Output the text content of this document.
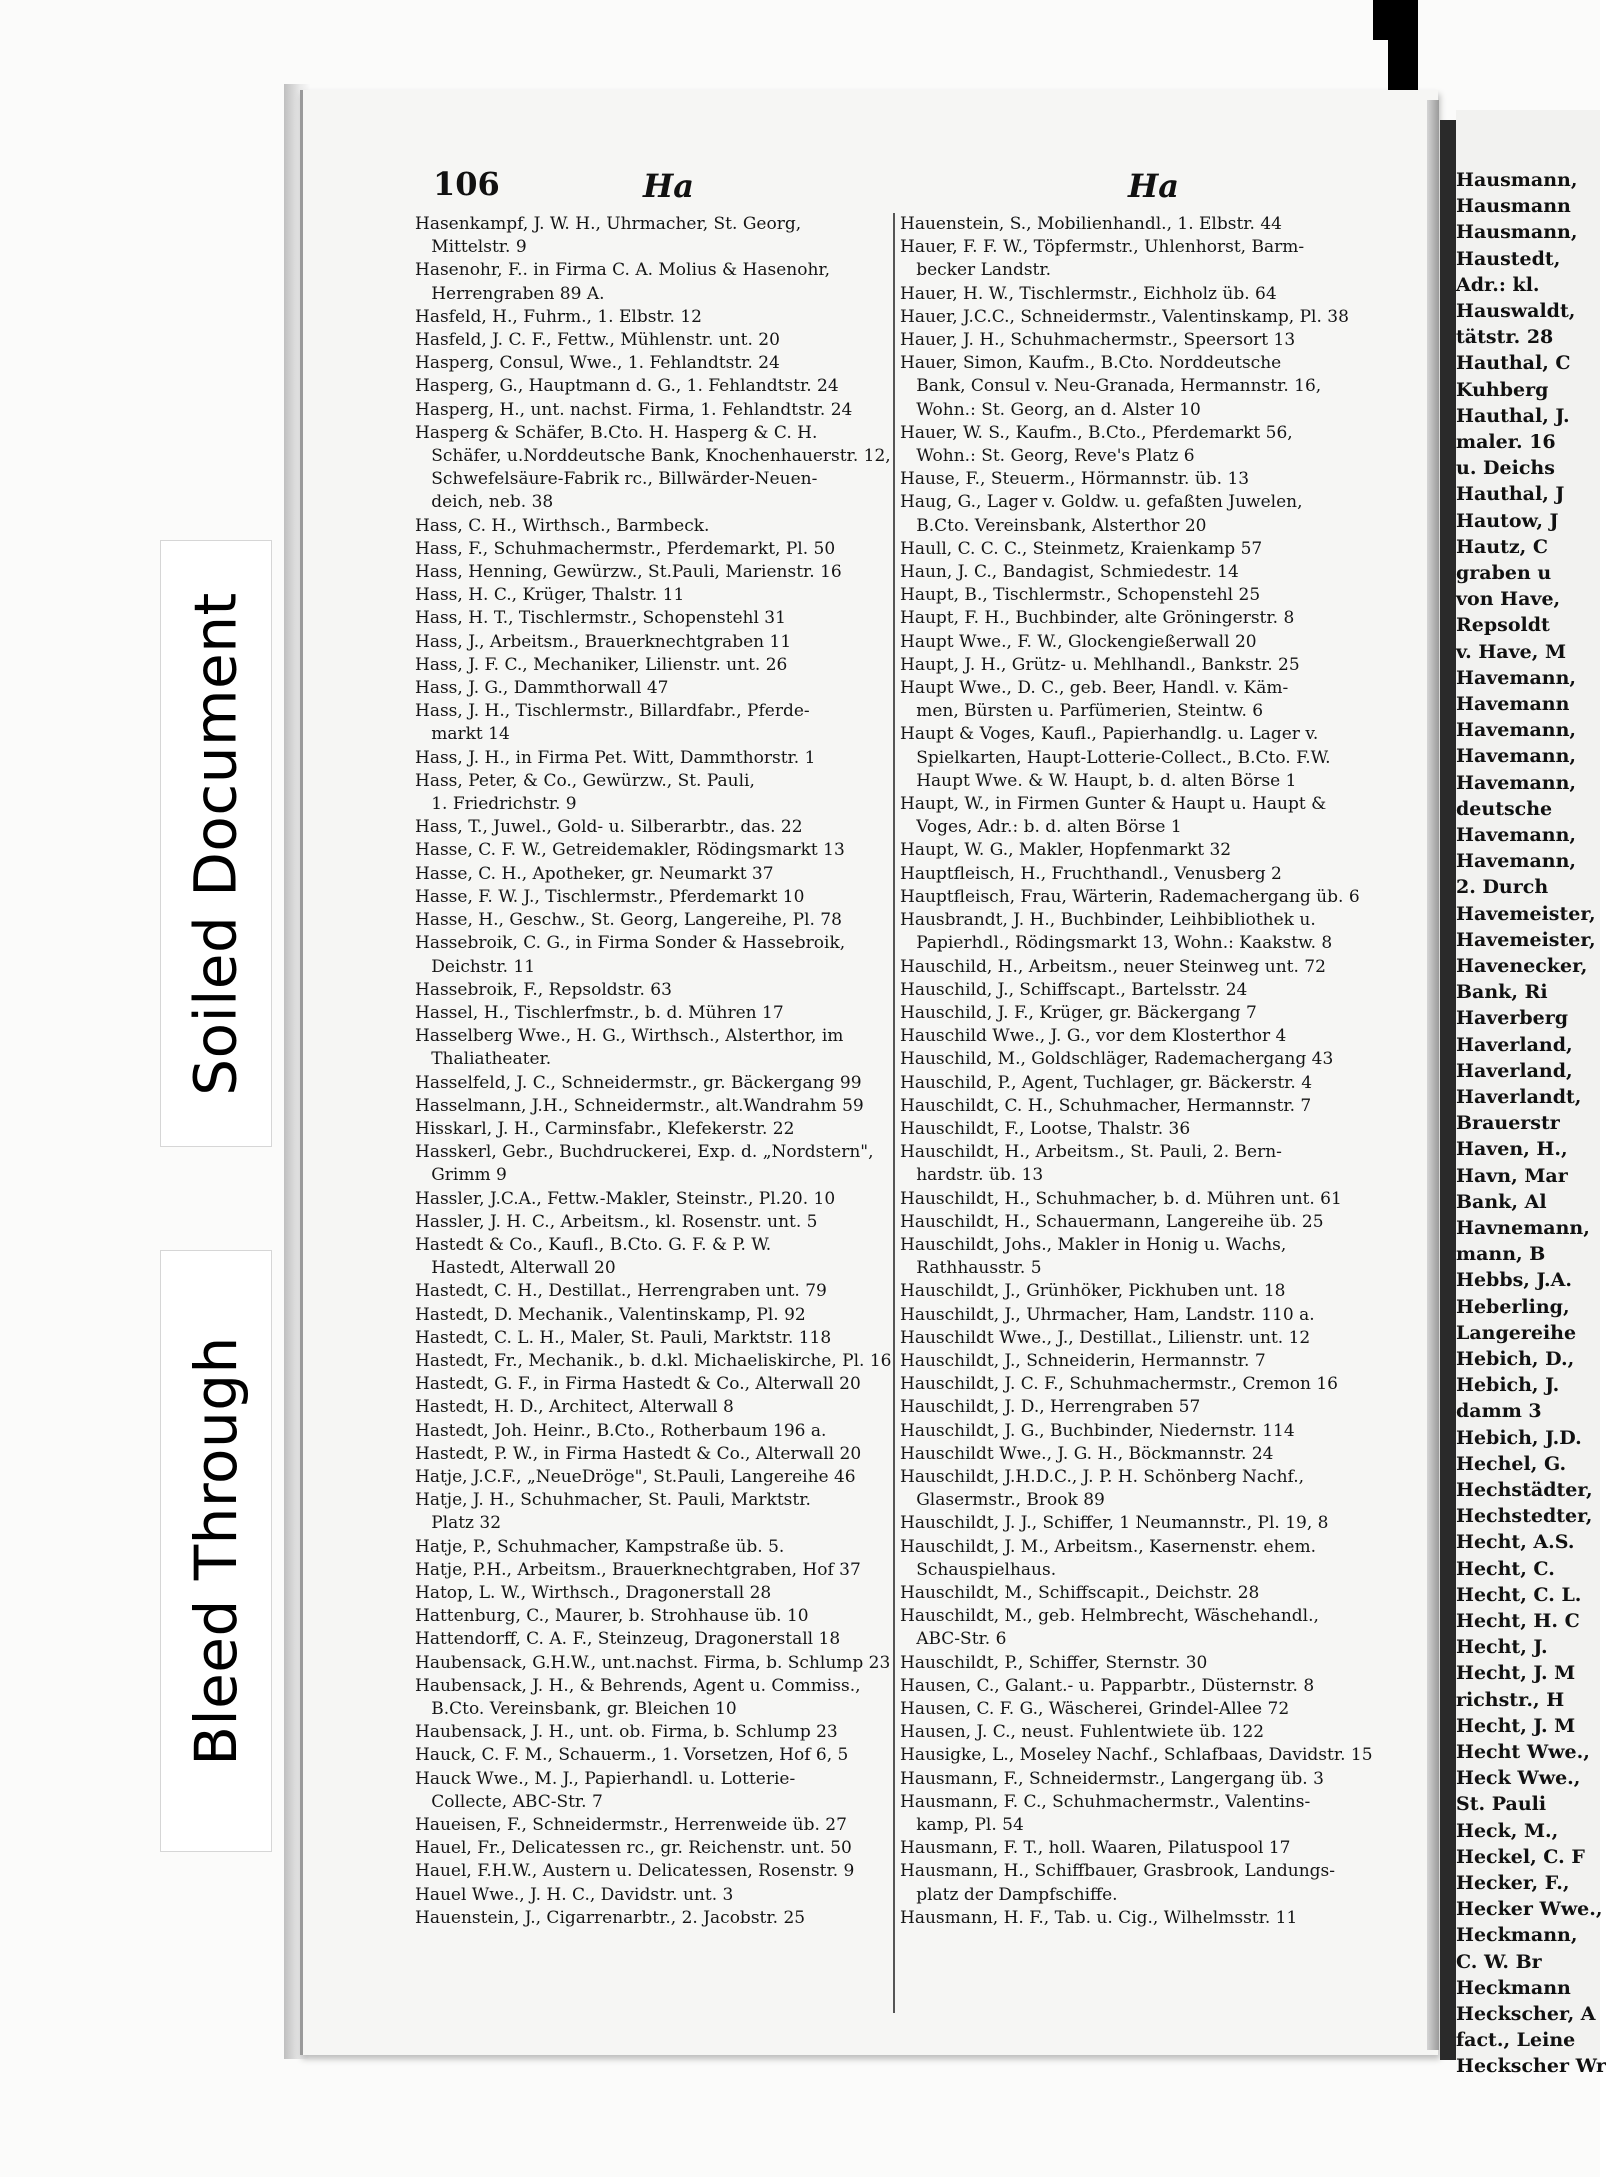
106	Ha	Ha
Hasenkampf, J. W. H., Uhrmacher, St. Georg,
Mittelstr. 9
Hasenohr, F.. in Firma C. A. Molius & Hasenohr,
Herrengraben 89 A.
Hasfeld, H., Fuhrm., 1. Elbstr. 12
Hasfeld, J. C. F., Fettw., Mühlenstr. unt. 20
Hasperg, Consul, Wwe., 1. Fehlandtstr. 24
Hasperg, G., Hauptmann d. G., 1. Fehlandtstr. 24
Hasperg, H., unt. nachst. Firma, 1. Fehlandtstr. 24
Hasperg & Schäfer, B.Cto. H. Hasperg & C. H.
Schäfer, u.Norddeutsche Bank, Knochenhauerstr. 12,
Schwefelsäure-Fabrik rc., Billwärder-Neuen-
deich, neb. 38
Hass, C. H., Wirthsch., Barmbeck.
Hass, F., Schuhmachermstr., Pferdemarkt, Pl. 50
Hass, Henning, Gewürzw., St.Pauli, Marienstr. 16
Hass, H. C., Krüger, Thalstr. 11
Hass, H. T., Tischlermstr., Schopenstehl 31
Hass, J., Arbeitsm., Brauerknechtgraben 11
Hass, J. F. C., Mechaniker, Lilienstr. unt. 26
Hass, J. G., Dammthorwall 47
Hass, J. H., Tischlermstr., Billardfabr., Pferde-
markt 14
Hass, J. H., in Firma Pet. Witt, Dammthorstr. 1
Hass, Peter, & Co., Gewürzw., St. Pauli,
1. Friedrichstr. 9
Hass, T., Juwel., Gold- u. Silberarbtr., das. 22
Hasse, C. F. W., Getreidemakler, Rödingsmarkt 13
Hasse, C. H., Apotheker, gr. Neumarkt 37
Hasse, F. W. J., Tischlermstr., Pferdemarkt 10
Hasse, H., Geschw., St. Georg, Langereihe, Pl. 78
Hassebroik, C. G., in Firma Sonder & Hassebroik,
Deichstr. 11
Hassebroik, F., Repsoldstr. 63
Hassel, H., Tischlerfmstr., b. d. Mühren 17
Hasselberg Wwe., H. G., Wirthsch., Alsterthor, im
Thaliatheater.
Hasselfeld, J. C., Schneidermstr., gr. Bäckergang 99
Hasselmann, J.H., Schneidermstr., alt.Wandrahm 59
Hisskarl, J. H., Carminsfabr., Klefekerstr. 22
Hasskerl, Gebr., Buchdruckerei, Exp. d. „Nordstern",
Grimm 9
Hassler, J.C.A., Fettw.-Makler, Steinstr., Pl.20. 10
Hassler, J. H. C., Arbeitsm., kl. Rosenstr. unt. 5
Hastedt & Co., Kaufl., B.Cto. G. F. & P. W.
Hastedt, Alterwall 20
Hastedt, C. H., Destillat., Herrengraben unt. 79
Hastedt, D. Mechanik., Valentinskamp, Pl. 92
Hastedt, C. L. H., Maler, St. Pauli, Marktstr. 118
Hastedt, Fr., Mechanik., b. d.kl. Michaeliskirche, Pl. 16
Hastedt, G. F., in Firma Hastedt & Co., Alterwall 20
Hastedt, H. D., Architect, Alterwall 8
Hastedt, Joh. Heinr., B.Cto., Rotherbaum 196 a.
Hastedt, P. W., in Firma Hastedt & Co., Alterwall 20
Hatje, J.C.F., „NeueDröge", St.Pauli, Langereihe 46
Hatje, J. H., Schuhmacher, St. Pauli, Marktstr.
Platz 32
Hatje, P., Schuhmacher, Kampstraße üb. 5.
Hatje, P.H., Arbeitsm., Brauerknechtgraben, Hof 37
Hatop, L. W., Wirthsch., Dragonerstall 28
Hattenburg, C., Maurer, b. Strohhause üb. 10
Hattendorff, C. A. F., Steinzeug, Dragonerstall 18
Haubensack, G.H.W., unt.nachst. Firma, b. Schlump 23
Haubensack, J. H., & Behrends, Agent u. Commiss.,
B.Cto. Vereinsbank, gr. Bleichen 10
Haubensack, J. H., unt. ob. Firma, b. Schlump 23
Hauck, C. F. M., Schauerm., 1. Vorsetzen, Hof 6, 5
Hauck Wwe., M. J., Papierhandl. u. Lotterie-
Collecte, ABC-Str. 7
Haueisen, F., Schneidermstr., Herrenweide üb. 27
Hauel, Fr., Delicatessen rc., gr. Reichenstr. unt. 50
Hauel, F.H.W., Austern u. Delicatessen, Rosenstr. 9
Hauel Wwe., J. H. C., Davidstr. unt. 3
Hauenstein, J., Cigarrenarbtr., 2. Jacobstr. 25
Hauenstein, S., Mobilienhandl., 1. Elbstr. 44
Hauer, F. F. W., Töpfermstr., Uhlenhorst, Barm-
becker Landstr.
Hauer, H. W., Tischlermstr., Eichholz üb. 64
Hauer, J.C.C., Schneidermstr., Valentinskamp, Pl. 38
Hauer, J. H., Schuhmachermstr., Speersort 13
Hauer, Simon, Kaufm., B.Cto. Norddeutsche
Bank, Consul v. Neu-Granada, Hermannstr. 16,
Wohn.: St. Georg, an d. Alster 10
Hauer, W. S., Kaufm., B.Cto., Pferdemarkt 56,
Wohn.: St. Georg, Reve's Platz 6
Hause, F., Steuerm., Hörmannstr. üb. 13
Haug, G., Lager v. Goldw. u. gefaßten Juwelen,
B.Cto. Vereinsbank, Alsterthor 20
Haull, C. C. C., Steinmetz, Kraienkamp 57
Haun, J. C., Bandagist, Schmiedestr. 14
Haupt, B., Tischlermstr., Schopenstehl 25
Haupt, F. H., Buchbinder, alte Gröningerstr. 8
Haupt Wwe., F. W., Glockengießerwall 20
Haupt, J. H., Grütz- u. Mehlhandl., Bankstr. 25
Haupt Wwe., D. C., geb. Beer, Handl. v. Käm-
men, Bürsten u. Parfümerien, Steintw. 6
Haupt & Voges, Kaufl., Papierhandlg. u. Lager v.
Spielkarten, Haupt-Lotterie-Collect., B.Cto. F.W.
Haupt Wwe. & W. Haupt, b. d. alten Börse 1
Haupt, W., in Firmen Gunter & Haupt u. Haupt &
Voges, Adr.: b. d. alten Börse 1
Haupt, W. G., Makler, Hopfenmarkt 32
Hauptfleisch, H., Fruchthandl., Venusberg 2
Hauptfleisch, Frau, Wärterin, Rademachergang üb. 6
Hausbrandt, J. H., Buchbinder, Leihbibliothek u.
Papierhdl., Rödingsmarkt 13, Wohn.: Kaakstw. 8
Hauschild, H., Arbeitsm., neuer Steinweg unt. 72
Hauschild, J., Schiffscapt., Bartelsstr. 24
Hauschild, J. F., Krüger, gr. Bäckergang 7
Hauschild Wwe., J. G., vor dem Klosterthor 4
Hauschild, M., Goldschläger, Rademachergang 43
Hauschild, P., Agent, Tuchlager, gr. Bäckerstr. 4
Hauschildt, C. H., Schuhmacher, Hermannstr. 7
Hauschildt, F., Lootse, Thalstr. 36
Hauschildt, H., Arbeitsm., St. Pauli, 2. Bern-
hardstr. üb. 13
Hauschildt, H., Schuhmacher, b. d. Mühren unt. 61
Hauschildt, H., Schauermann, Langereihe üb. 25
Hauschildt, Johs., Makler in Honig u. Wachs,
Rathhausstr. 5
Hauschildt, J., Grünhöker, Pickhuben unt. 18
Hauschildt, J., Uhrmacher, Ham, Landstr. 110 a.
Hauschildt Wwe., J., Destillat., Lilienstr. unt. 12
Hauschildt, J., Schneiderin, Hermannstr. 7
Hauschildt, J. C. F., Schuhmachermstr., Cremon 16
Hauschildt, J. D., Herrengraben 57
Hauschildt, J. G., Buchbinder, Niedernstr. 114
Hauschildt Wwe., J. G. H., Böckmannstr. 24
Hauschildt, J.H.D.C., J. P. H. Schönberg Nachf.,
Glasermstr., Brook 89
Hauschildt, J. J., Schiffer, 1 Neumannstr., Pl. 19, 8
Hauschildt, J. M., Arbeitsm., Kasernenstr. ehem.
Schauspielhaus.
Hauschildt, M., Schiffscapit., Deichstr. 28
Hauschildt, M., geb. Helmbrecht, Wäschehandl.,
ABC-Str. 6
Hauschildt, P., Schiffer, Sternstr. 30
Hausen, C., Galant.- u. Papparbtr., Düsternstr. 8
Hausen, C. F. G., Wäscherei, Grindel-Allee 72
Hausen, J. C., neust. Fuhlentwiete üb. 122
Hausigke, L., Moseley Nachf., Schlafbaas, Davidstr. 15
Hausmann, F., Schneidermstr., Langergang üb. 3
Hausmann, F. C., Schuhmachermstr., Valentins-
kamp, Pl. 54
Hausmann, F. T., holl. Waaren, Pilatuspool 17
Hausmann, H., Schiffbauer, Grasbrook, Landungs-
platz der Dampfschiffe.
Hausmann, H. F., Tab. u. Cig., Wilhelmsstr. 11
Hausmann,
Hausmann
Hausmann,
Haustedt,
Adr.: kl.
Hauswaldt,
tätstr. 28
Hauthal, C
Kuhberg
Hauthal, J.
maler. 16
u. Deichs
Hauthal, J
Hautow, J
Hautz, C
graben u
von Have,
Repsoldt
v. Have, M
Havemann,
Havemann
Havemann,
Havemann,
Havemann,
deutsche
Havemann,
Havemann,
2. Durch
Havemeister,
Havemeister,
Havenecker,
Bank, Ri
Haverberg
Haverland,
Haverland,
Haverlandt,
Brauerstr
Haven, H.,
Havn, Mar
Bank, Al
Havnemann,
mann, B
Hebbs, J.A.
Heberling,
Langereihe
Hebich, D.,
Hebich, J.
damm 3
Hebich, J.D.
Hechel, G.
Hechstädter,
Hechstedter,
Hecht, A.S.
Hecht, C.
Hecht, C. L.
Hecht, H. C
Hecht, J.
Hecht, J. M
richstr., H
Hecht, J. M
Hecht Wwe.,
Heck Wwe.,
St. Pauli
Heck, M.,
Heckel, C. F
Hecker, F.,
Hecker Wwe.,
Heckmann,
C. W. Br
Heckmann
Heckscher, A
fact., Leine
Heckscher Wr
Soiled Document
Bleed Through
